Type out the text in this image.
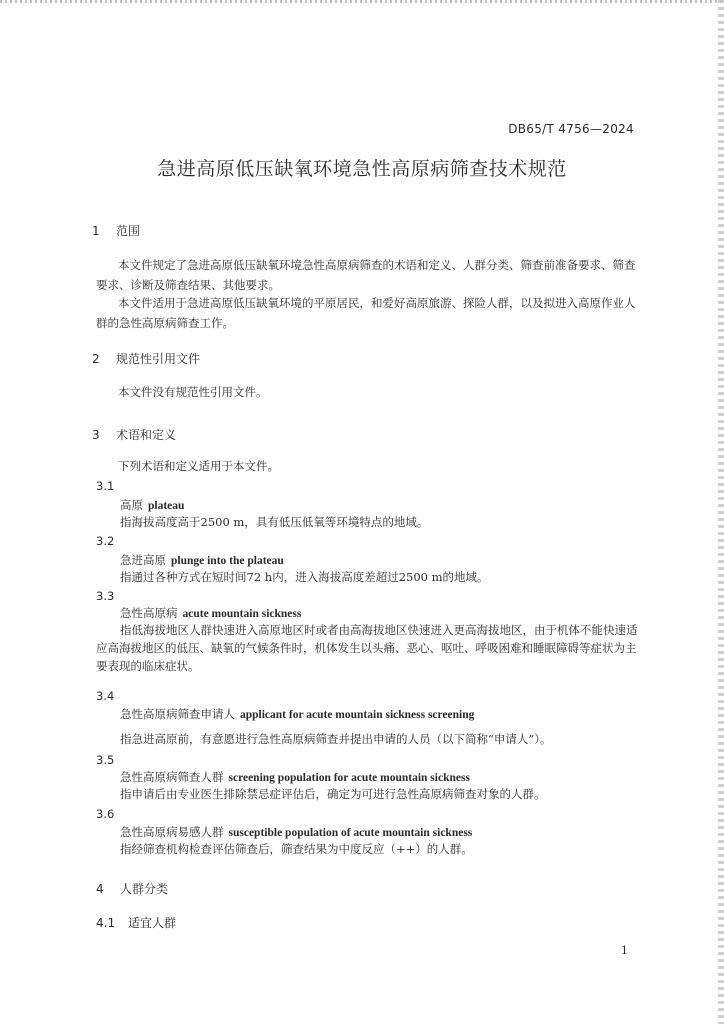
DB65/T 4756—2024
急进高原低压缺氧环境急性高原病筛查技术规范
1 范围
本文件规定了急进高原低压缺氧环境急性高原病筛查的术语和定义、人群分类、筛查前准备要求、筛查要求、诊断及筛查结果、其他要求。
本文件适用于急进高原低压缺氧环境的平原居民，和爱好高原旅游、探险人群，以及拟进入高原作业人群的急性高原病筛查工作。
2 规范性引用文件
本文件没有规范性引用文件。
3 术语和定义
下列术语和定义适用于本文件。
3.1
高原 plateau
指海拔高度高于2500 m，具有低压低氧等环境特点的地域。
3.2
急进高原 plunge into the plateau
指通过各种方式在短时间72 h内，进入海拔高度差超过2500 m的地域。
3.3
急性高原病 acute mountain sickness
指低海拔地区人群快速进入高原地区时或者由高海拔地区快速进入更高海拔地区，由于机体不能快速适应高海拔地区的低压、缺氧的气候条件时，机体发生以头痛、恶心、呕吐、呼吸困难和睡眠障碍等症状为主要表现的临床症状。
3.4
急性高原病筛查申请人 applicant for acute mountain sickness screening
指急进高原前，有意愿进行急性高原病筛查并提出申请的人员（以下简称“申请人”）。
3.5
急性高原病筛查人群 screening population for acute mountain sickness
指申请后由专业医生排除禁忌症评估后，确定为可进行急性高原病筛查对象的人群。
3.6
急性高原病易感人群 susceptible population of acute mountain sickness
指经筛查机构检查评估筛查后，筛查结果为中度反应（++）的人群。
4 人群分类
4.1 适宜人群
1
